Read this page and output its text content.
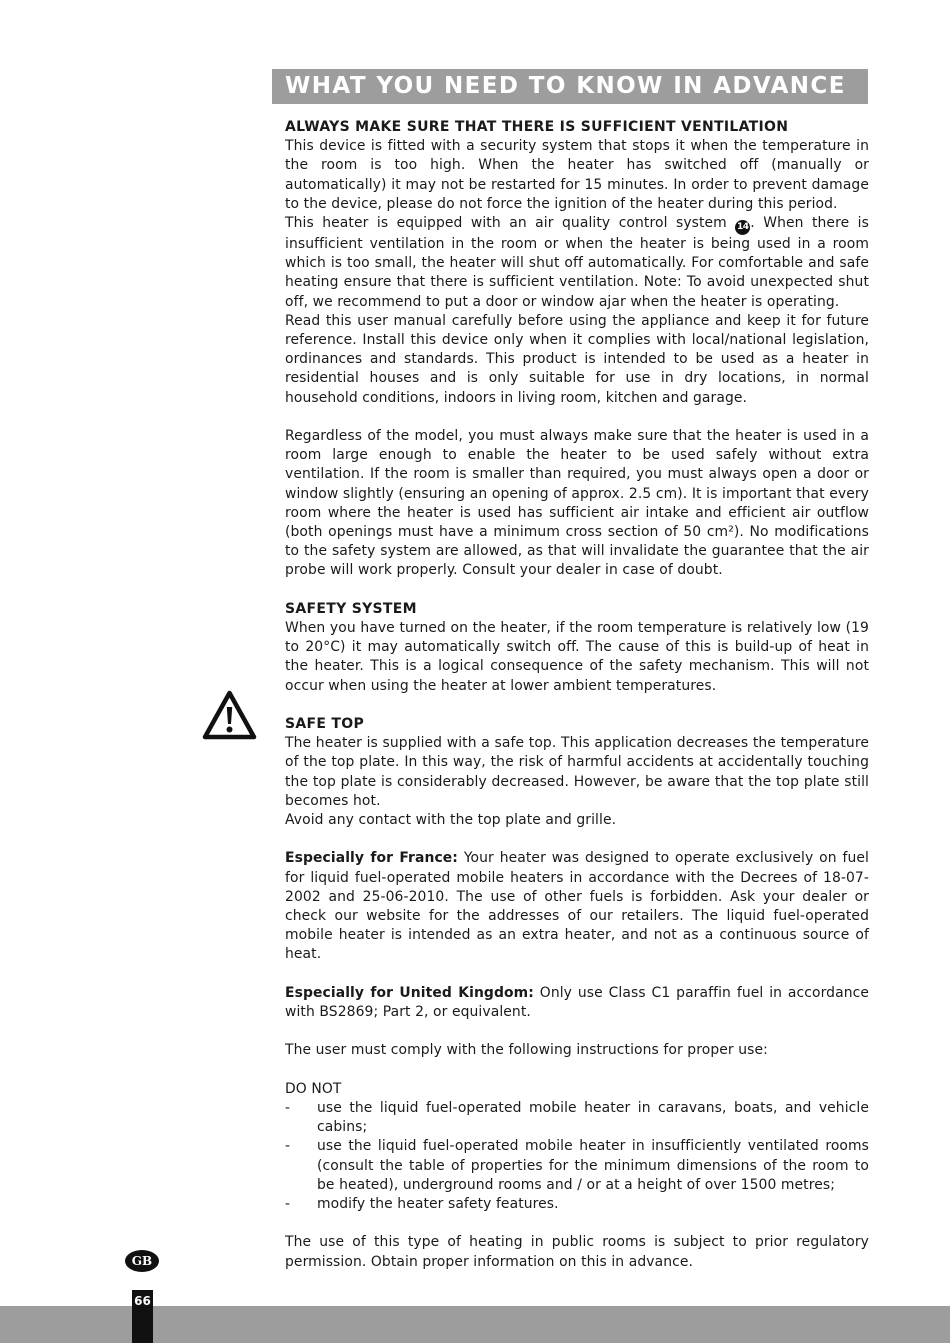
WHAT YOU NEED TO KNOW IN ADVANCE
ALWAYS MAKE SURE THAT THERE IS SUFFICIENT VENTILATION

This device is fitted with a security system that stops it when the temperature in the room is too high. When the heater has switched off (manually or automatically) it may not be restarted for 15 minutes. In order to prevent damage to the device, please do not force the ignition of the heater during this period.

This heater is equipped with an air quality control system 14 . When there is insufficient ventilation in the room or when the heater is being used in a room which is too small, the heater will shut off automatically. For comfortable and safe heating ensure that there is sufficient ventilation. Note: To avoid unexpected shut off, we recommend to put a door or window ajar when the heater is operating.

Read this user manual carefully before using the appliance and keep it for future reference. Install this device only when it complies with local/national legislation, ordinances and standards. This product is intended to be used as a heater in residential houses and is only suitable for use in dry locations, in normal household conditions, indoors in living room, kitchen and garage.

Regardless of the model, you must always make sure that the heater is used in a room large enough to enable the heater to be used safely without extra ventilation. If the room is smaller than required, you must always open a door or window slightly (ensuring an opening of approx. 2.5 cm). It is important that every room where the heater is used has sufficient air intake and efficient air outflow (both openings must have a minimum cross section of 50 cm²). No modifications to the safety system are allowed, as that will invalidate the guarantee that the air probe will work properly. Consult your dealer in case of doubt.

SAFETY SYSTEM

When you have turned on the heater, if the room temperature is relatively low (19 to 20°C) it may automatically switch off. The cause of this is build-up of heat in the heater. This is a logical consequence of the safety mechanism. This will not occur when using the heater at lower ambient temperatures.

SAFE TOP

The heater is supplied with a safe top. This application decreases the temperature of the top plate. In this way, the risk of harmful accidents at accidentally touching the top plate is considerably decreased. However, be aware that the top plate still becomes hot.

Avoid any contact with the top plate and grille.

Especially for France: Your heater was designed to operate exclusively on fuel for liquid fuel-operated mobile heaters in accordance with the Decrees of 18-07-2002 and 25-06-2010. The use of other fuels is forbidden. Ask your dealer or check our website for the addresses of our retailers. The liquid fuel-operated mobile heater is intended as an extra heater, and not as a continuous source of heat.

Especially for United Kingdom: Only use Class C1 paraffin fuel in accordance with BS2869; Part 2, or equivalent.

The user must comply with the following instructions for proper use:

DO NOT

- use the liquid fuel-operated mobile heater in caravans, boats, and vehicle cabins;
- use the liquid fuel-operated mobile heater in insufficiently ventilated rooms (consult the table of properties for the minimum dimensions of the room to be heated), underground rooms and / or at a height of over 1500 metres;
- modify the heater safety features.

The use of this type of heating in public rooms is subject to prior regulatory permission. Obtain proper information on this in advance.

GB
66
